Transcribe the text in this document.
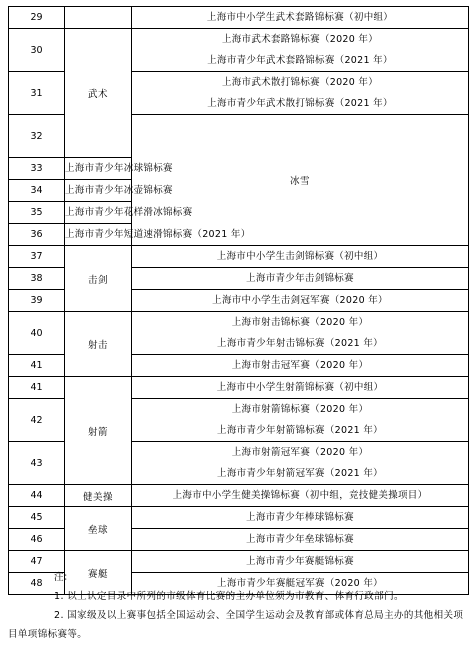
29		上海市中小学生武术套路锦标赛（初中组）	

30	武术	上海市武术套路锦标赛（2020 年）
上海市青少年武术套路锦标赛（2021 年）	

31		上海市武术散打锦标赛（2020 年）
上海市青少年武术散打锦标赛（2021 年）	

32		冰雪	

33	上海市青少年冰球锦标赛		

34	上海市青少年冰壶锦标赛		

35	上海市青少年花样滑冰锦标赛		

36	上海市青少年短道速滑锦标赛（2021 年）		

37	击剑	上海市中小学生击剑锦标赛（初中组）	

38		上海市青少年击剑锦标赛	

39		上海市中小学生击剑冠军赛（2020 年）	

40	射击	上海市射击锦标赛（2020 年）
上海市青少年射击锦标赛（2021 年）	

41		上海市射击冠军赛（2020 年）	

41	射箭	上海市中小学生射箭锦标赛（初中组）	

42		上海市射箭锦标赛（2020 年）
上海市青少年射箭锦标赛（2021 年）	

43		上海市射箭冠军赛（2020 年）
上海市青少年射箭冠军赛（2021 年）	

44	健美操	上海市中小学生健美操锦标赛（初中组，竞技健美操项目）	

45	垒球	上海市青少年棒球锦标赛	

46		上海市青少年垒球锦标赛	

47	赛艇	上海市青少年赛艇锦标赛	

48		上海市青少年赛艇冠军赛（2020 年）	
注：
1. 以上认定目录中所列的市级体育比赛的主办单位须为市教育、体育行政部门。
2. 国家级及以上赛事包括全国运动会、全国学生运动会及教育部或体育总局主办的其他相关项目单项锦标赛等。
